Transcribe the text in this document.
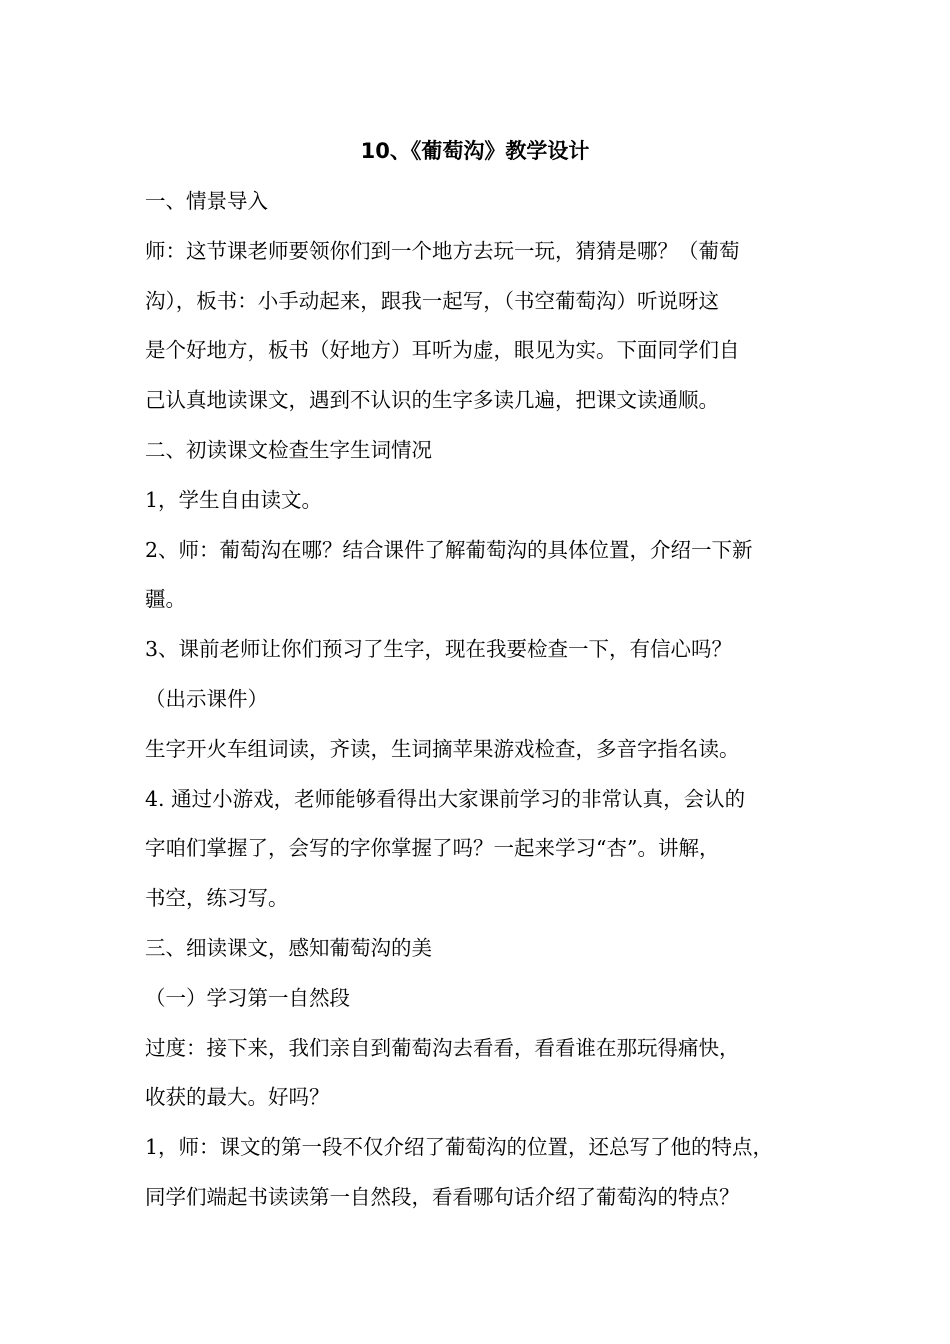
10、《葡萄沟》教学设计
一、情景导入
师：这节课老师要领你们到一个地方去玩一玩，猜猜是哪？（葡萄
沟），板书：小手动起来，跟我一起写，（书空葡萄沟）听说呀这
是个好地方，板书（好地方）耳听为虚，眼见为实。下面同学们自
己认真地读课文，遇到不认识的生字多读几遍，把课文读通顺。
二、初读课文检查生字生词情况
1，学生自由读文。
2、师：葡萄沟在哪？结合课件了解葡萄沟的具体位置，介绍一下新
疆。
3、课前老师让你们预习了生字，现在我要检查一下，有信心吗？
（出示课件）
生字开火车组词读，齐读，生词摘苹果游戏检查，多音字指名读。
4. 通过小游戏，老师能够看得出大家课前学习的非常认真，会认的
字咱们掌握了，会写的字你掌握了吗？一起来学习“杏”。讲解，
书空，练习写。
三、细读课文，感知葡萄沟的美
（一）学习第一自然段
过度：接下来，我们亲自到葡萄沟去看看，看看谁在那玩得痛快，
收获的最大。好吗？
1，师：课文的第一段不仅介绍了葡萄沟的位置，还总写了他的特点，
同学们端起书读读第一自然段，看看哪句话介绍了葡萄沟的特点？
